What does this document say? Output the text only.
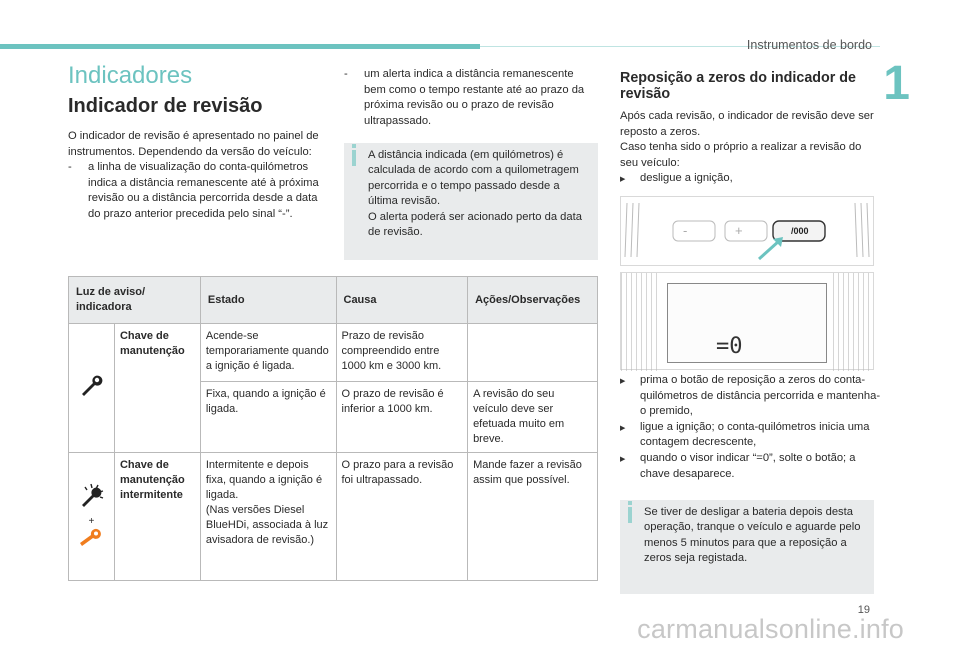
Instrumentos de bordo
1
Indicadores
Indicador de revisão

O indicador de revisão é apresentado no painel de instrumentos. Dependendo da versão do veículo:

- a linha de visualização do conta-quilómetros indica a distância remanescente até à próxima revisão ou a distância percorrida desde a data do prazo anterior precedida pelo sinal “-”.

- um alerta indica a distância remanescente bem como o tempo restante até ao prazo da próxima revisão ou o prazo de revisão ultrapassado.

A distância indicada (em quilómetros) é calculada de acordo com a quilometragem percorrida e o tempo passado desde a última revisão.

O alerta poderá ser acionado perto da data de revisão.

Luz de aviso/ indicadora		Estado	Causa	Ações/Observações
	Chave de manutenção	Acende-se temporariamente quando a ignição é ligada.	Prazo de revisão compreendido entre 1000 km e 3000 km.	
		Fixa, quando a ignição é ligada.	O prazo de revisão é inferior a 1000 km.	A revisão do seu veículo deve ser efetuada muito em breve.

+	Chave de manutenção intermitente	Intermitente e depois fixa, quando a ignição é ligada.
(Nas versões Diesel BlueHDi, associada à luz avisadora de revisão.)	O prazo para a revisão foi ultrapassado.	Mande fazer a revisão assim que possível.
Reposição a zeros do indicador de revisão

Após cada revisão, o indicador de revisão deve ser reposto a zeros.

Caso tenha sido o próprio a realizar a revisão do seu veículo:

▶ desligue a ignição,

-	+	/000
=0

▶ prima o botão de reposição a zeros do conta-quilómetros de distância percorrida e mantenha-o premido,

▶ ligue a ignição; o conta-quilómetros inicia uma contagem decrescente,

▶ quando o visor indicar “=0”, solte o botão; a chave desaparece.

Se tiver de desligar a bateria depois desta operação, tranque o veículo e aguarde pelo menos 5 minutos para que a reposição a zeros seja registada.

19
carmanualsonline.info
